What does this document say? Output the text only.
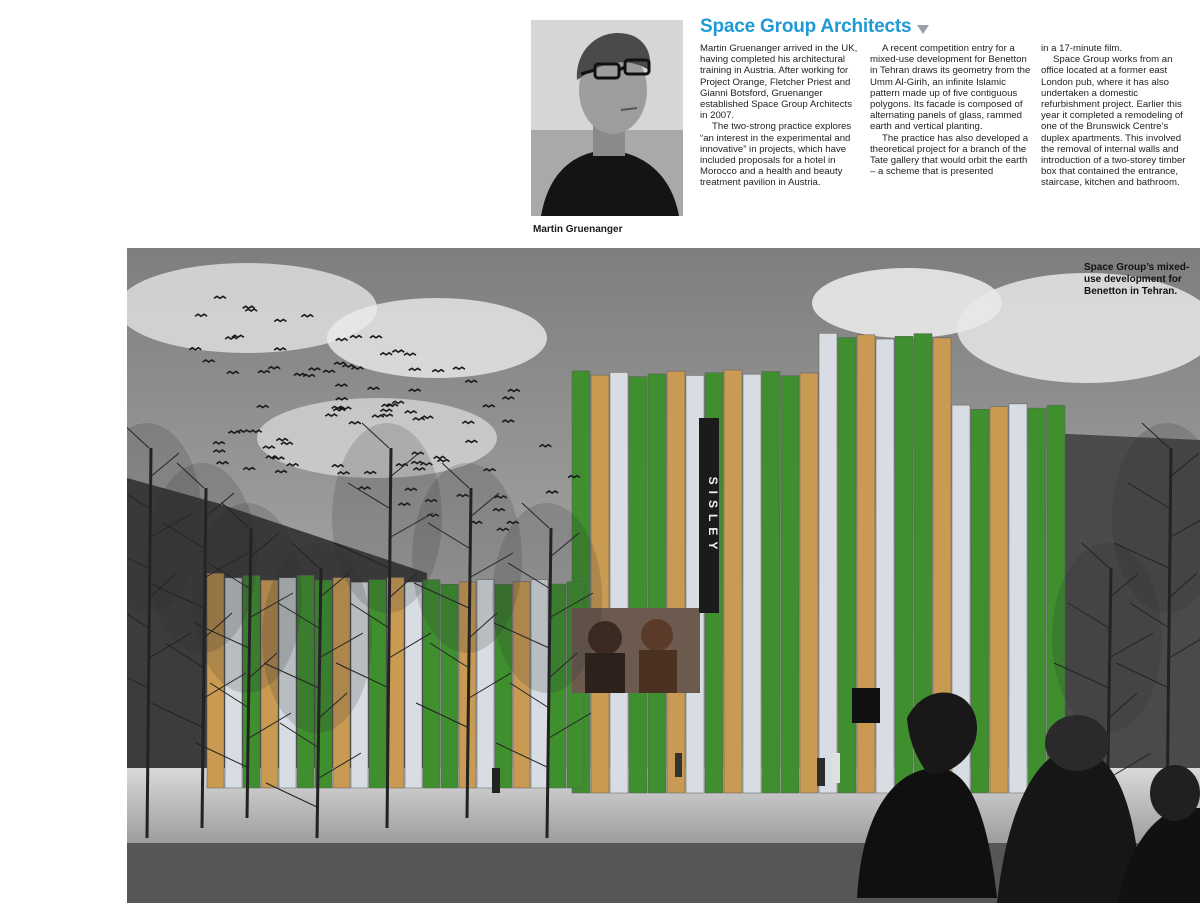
Martin Gruenanger
Space Group Architects

Martin Gruenanger arrived in the UK, having completed his architectural training in Austria. After working for Project Orange, Fletcher Priest and Gianni Botsford, Gruenanger established Space Group Architects in 2007.

The two-strong practice explores “an interest in the experimental and innovative” in projects, which have included proposals for a hotel in Morocco and a health and beauty treatment pavilion in Austria.

A recent competition entry for a mixed-use development for Benetton in Tehran draws its geometry from the Umm Al-Girih, an infinite Islamic pattern made up of five contiguous polygons. Its facade is composed of alternating panels of glass, rammed earth and vertical planting.

The practice has also developed a theoretical project for a branch of the Tate gallery that would orbit the earth – a scheme that is presented

in a 17-minute film.

Space Group works from an office located at a former east London pub, where it has also undertaken a domestic refurbishment project. Earlier this year it completed a remodeling of one of the Brunswick Centre’s duplex apartments. This involved the removal of internal walls and introduction of a two-storey timber box that contained the entrance, staircase, kitchen and bathroom.

SISLEY
Space Group’s mixed-use development for Benetton in Tehran.
